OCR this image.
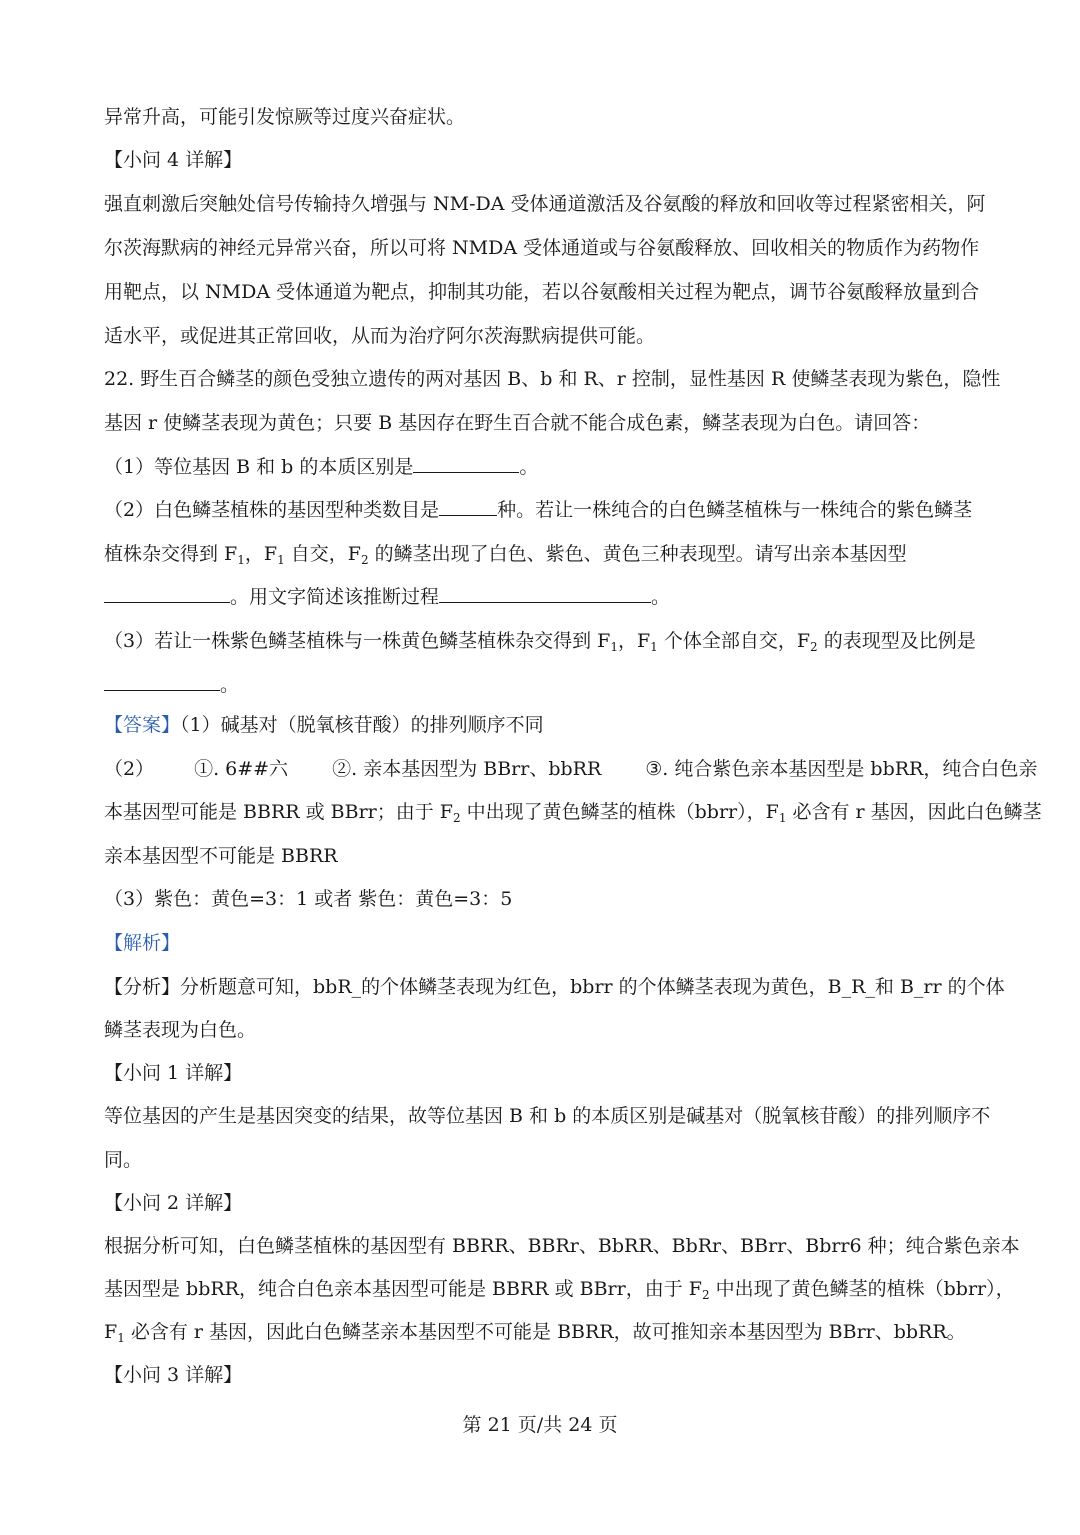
异常升高，可能引发惊厥等过度兴奋症状。
【小问 4 详解】
强直刺激后突触处信号传输持久增强与 NM-DA 受体通道激活及谷氨酸的释放和回收等过程紧密相关，阿
尔茨海默病的神经元异常兴奋，所以可将 NMDA 受体通道或与谷氨酸释放、回收相关的物质作为药物作
用靶点，以 NMDA 受体通道为靶点，抑制其功能，若以谷氨酸相关过程为靶点，调节谷氨酸释放量到合
适水平，或促进其正常回收，从而为治疗阿尔茨海默病提供可能。
22. 野生百合鳞茎的颜色受独立遗传的两对基因 B、b 和 R、r 控制，显性基因 R 使鳞茎表现为紫色，隐性
基因 r 使鳞茎表现为黄色；只要 B 基因存在野生百合就不能合成色素，鳞茎表现为白色。请回答：
（1）等位基因 B 和 b 的本质区别是	。
（2）白色鳞茎植株的基因型种类数目是	种。若让一株纯合的白色鳞茎植株与一株纯合的紫色鳞茎
植株杂交得到 $F_1$，$F_1$ 自交，$F_2$ 的鳞茎出现了白色、紫色、黄色三种表现型。请写出亲本基因型
。用文字简述该推断过程	。
（3）若让一株紫色鳞茎植株与一株黄色鳞茎植株杂交得到 $F_1$，$F_1$ 个体全部自交，$F_2$ 的表现型及比例是
。
【答案】（1）碱基对（脱氧核苷酸）的排列顺序不同
（2） ①. 6##六 ②. 亲本基因型为 BBrr、bbRR ③. 纯合紫色亲本基因型是 bbRR，纯合白色亲
本基因型可能是 BBRR 或 BBrr；由于 $F_2$ 中出现了黄色鳞茎的植株（bbrr），$F_1$ 必含有 r 基因，因此白色鳞茎
亲本基因型不可能是 BBRR
（3）紫色：黄色=3：1 或者 紫色：黄色=3：5
【解析】
【分析】分析题意可知，bbR_的个体鳞茎表现为红色，bbrr 的个体鳞茎表现为黄色，B_R_和 B_rr 的个体
鳞茎表现为白色。
【小问 1 详解】
等位基因的产生是基因突变的结果，故等位基因 B 和 b 的本质区别是碱基对（脱氧核苷酸）的排列顺序不
同。
【小问 2 详解】
根据分析可知，白色鳞茎植株的基因型有 BBRR、BBRr、BbRR、BbRr、BBrr、Bbrr6 种；纯合紫色亲本
基因型是 bbRR，纯合白色亲本基因型可能是 BBRR 或 BBrr，由于 $F_2$ 中出现了黄色鳞茎的植株（bbrr），
$F_1$ 必含有 r 基因，因此白色鳞茎亲本基因型不可能是 BBRR，故可推知亲本基因型为 BBrr、bbRR。
【小问 3 详解】
第 21 页/共 24 页
